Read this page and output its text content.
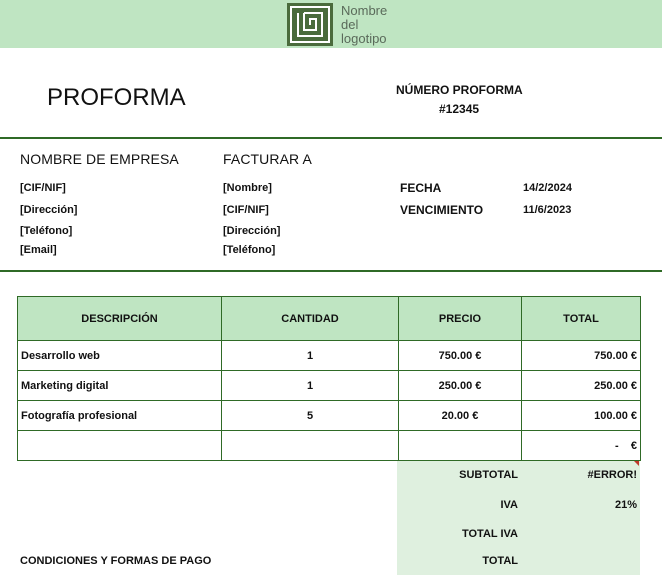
Nombre
del
logotipo
PROFORMA	NÚMERO PROFORMA
#12345
NOMBRE DE EMPRESA	FACTURAR A
[CIF/NIF]
[Dirección]
[Teléfono]
[Email]
[Nombre]
[CIF/NIF]
[Dirección]
[Teléfono]
FECHA	14/2/2024
VENCIMIENTO	11/6/2023
DESCRIPCIÓN	CANTIDAD	PRECIO	TOTAL
Desarrollo web	1	750.00 €	750.00 €
Marketing digital	1	250.00 €	250.00 €
Fotografía profesional	5	20.00 €	100.00 €
			-    €
SUBTOTAL	#ERROR!
IVA	21%
TOTAL IVA
TOTAL
CONDICIONES Y FORMAS DE PAGO
